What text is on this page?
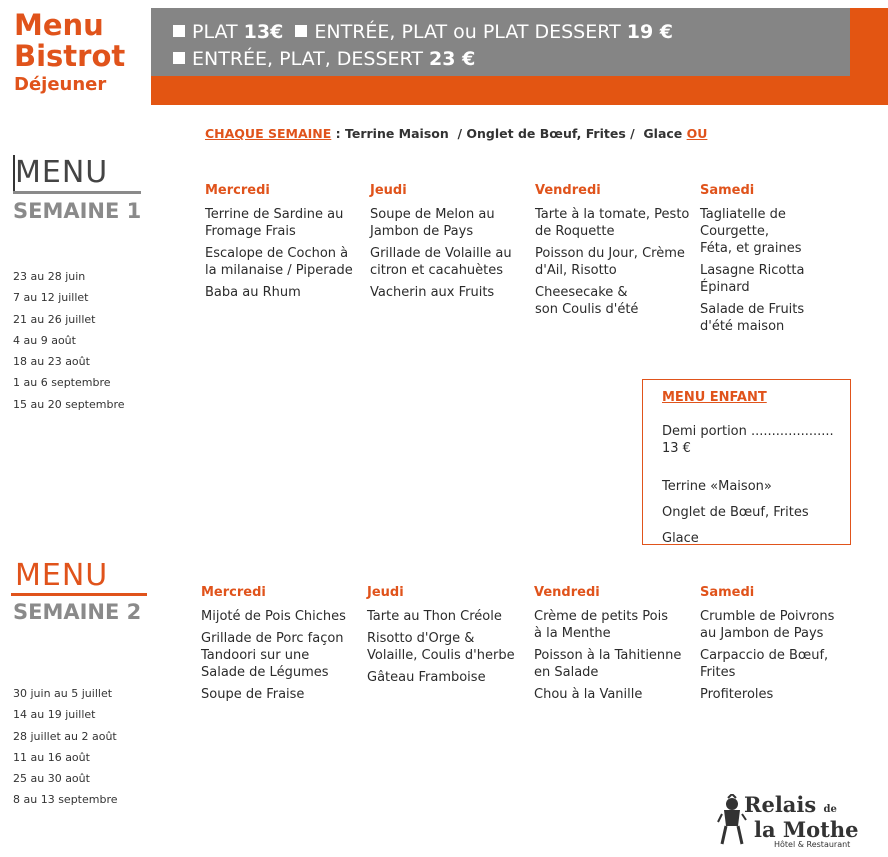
Menu
Bistrot
Déjeuner
PLAT 13€ ENTRÉE, PLAT ou PLAT DESSERT 19 €
ENTRÉE, PLAT, DESSERT 23 €
CHAQUE SEMAINE : Terrine Maison  / Onglet de Bœuf, Frites /  Glace OU
MENU
SEMAINE 1
23 au 28 juin
7 au 12 juillet
21 au 26 juillet
4 au 9 août
18 au 23 août
1 au 6 septembre
15 au 20 septembre
Mercredi
Terrine de Sardine au
Fromage Frais
Escalope de Cochon à
la milanaise / Piperade
Baba au Rhum
Jeudi
Soupe de Melon au
Jambon de Pays
Grillade de Volaille au
citron et cacahuètes
Vacherin aux Fruits
Vendredi
Tarte à la tomate, Pesto
de Roquette
Poisson du Jour, Crème
d'Ail, Risotto
Cheesecake &
son Coulis d'été
Samedi
Tagliatelle de
Courgette,
Féta, et graines
Lasagne Ricotta
Épinard
Salade de Fruits
d'été maison
MENU ENFANT
Demi portion .................... 13 €
Terrine «Maison»
Onglet de Bœuf, Frites
Glace
MENU
SEMAINE 2
30 juin au 5 juillet
14 au 19 juillet
28 juillet au 2 août
11 au 16 août
25 au 30 août
8 au 13 septembre
Mercredi
Mijoté de Pois Chiches
Grillade de Porc façon
Tandoori sur une
Salade de Légumes
Soupe de Fraise
Jeudi
Tarte au Thon Créole
Risotto d'Orge &
Volaille, Coulis d'herbe
Gâteau Framboise
Vendredi
Crème de petits Pois
à la Menthe
Poisson à la Tahitienne
en Salade
Chou à la Vanille
Samedi
Crumble de Poivrons
au Jambon de Pays
Carpaccio de Bœuf,
Frites
Profiteroles
Relais de
la Mothe
Hôtel & Restaurant
